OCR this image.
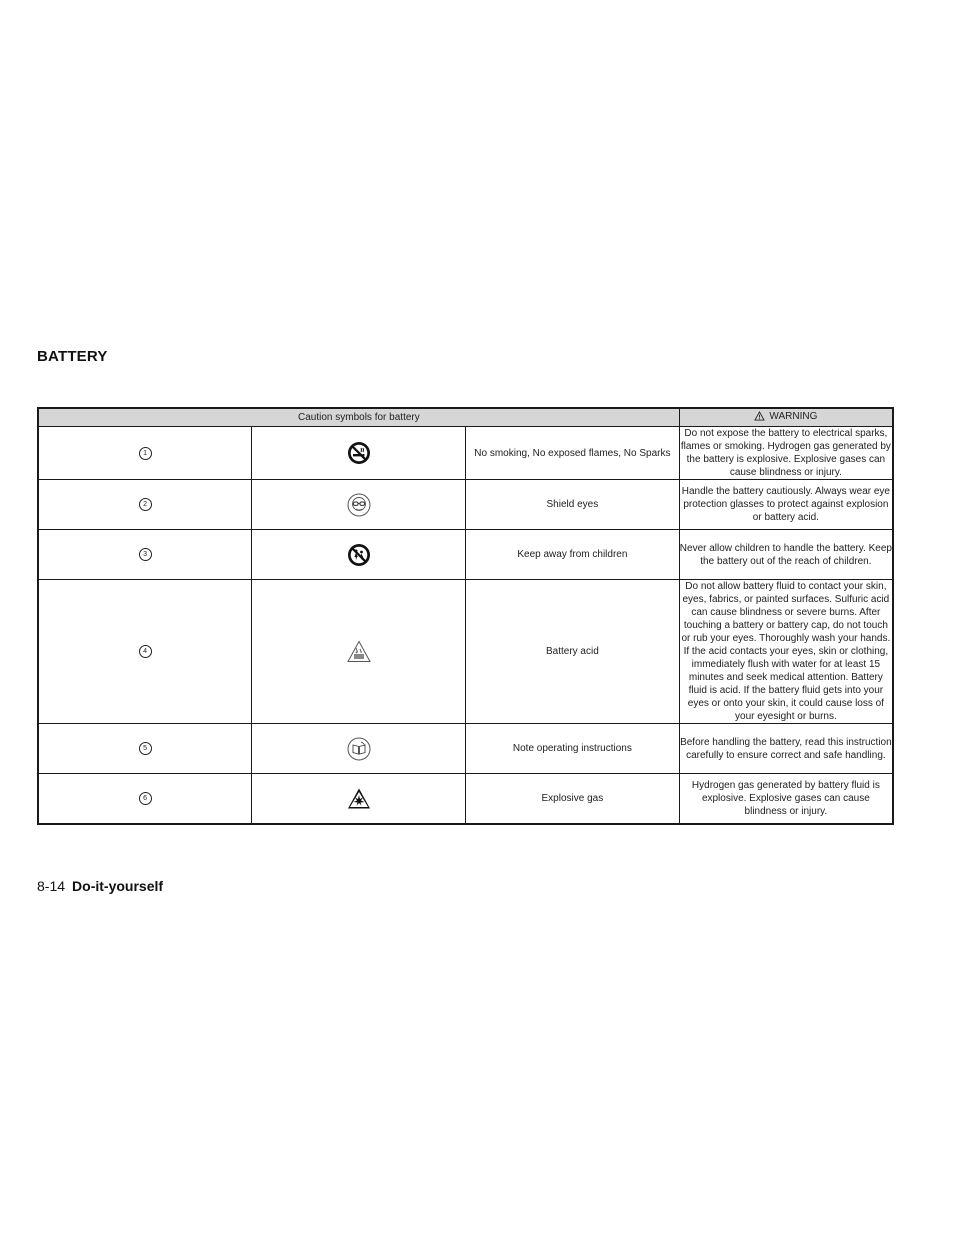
BATTERY
Caution symbols for battery			WARNING

1		No smoking, No exposed flames, No Sparks	Do not expose the battery to electrical sparks, flames or smoking. Hydrogen gas generated by the battery is explosive. Explosive gases can cause blindness or injury.
2		Shield eyes	Handle the battery cautiously. Always wear eye protection glasses to protect against explosion or battery acid.
3		Keep away from children	Never allow children to handle the battery. Keep the battery out of the reach of children.
4		Battery acid	Do not allow battery fluid to contact your skin, eyes, fabrics, or painted surfaces. Sulfuric acid can cause blindness or severe burns. After touching a battery or battery cap, do not touch or rub your eyes. Thoroughly wash your hands. If the acid contacts your eyes, skin or clothing, immediately flush with water for at least 15 minutes and seek medical attention. Battery fluid is acid. If the battery fluid gets into your eyes or onto your skin, it could cause loss of your eyesight or burns.
5		Note operating instructions	Before handling the battery, read this instruction carefully to ensure correct and safe handling.
6		Explosive gas	Hydrogen gas generated by battery fluid is explosive. Explosive gases can cause blindness or injury.
8-14 Do-it-yourself
